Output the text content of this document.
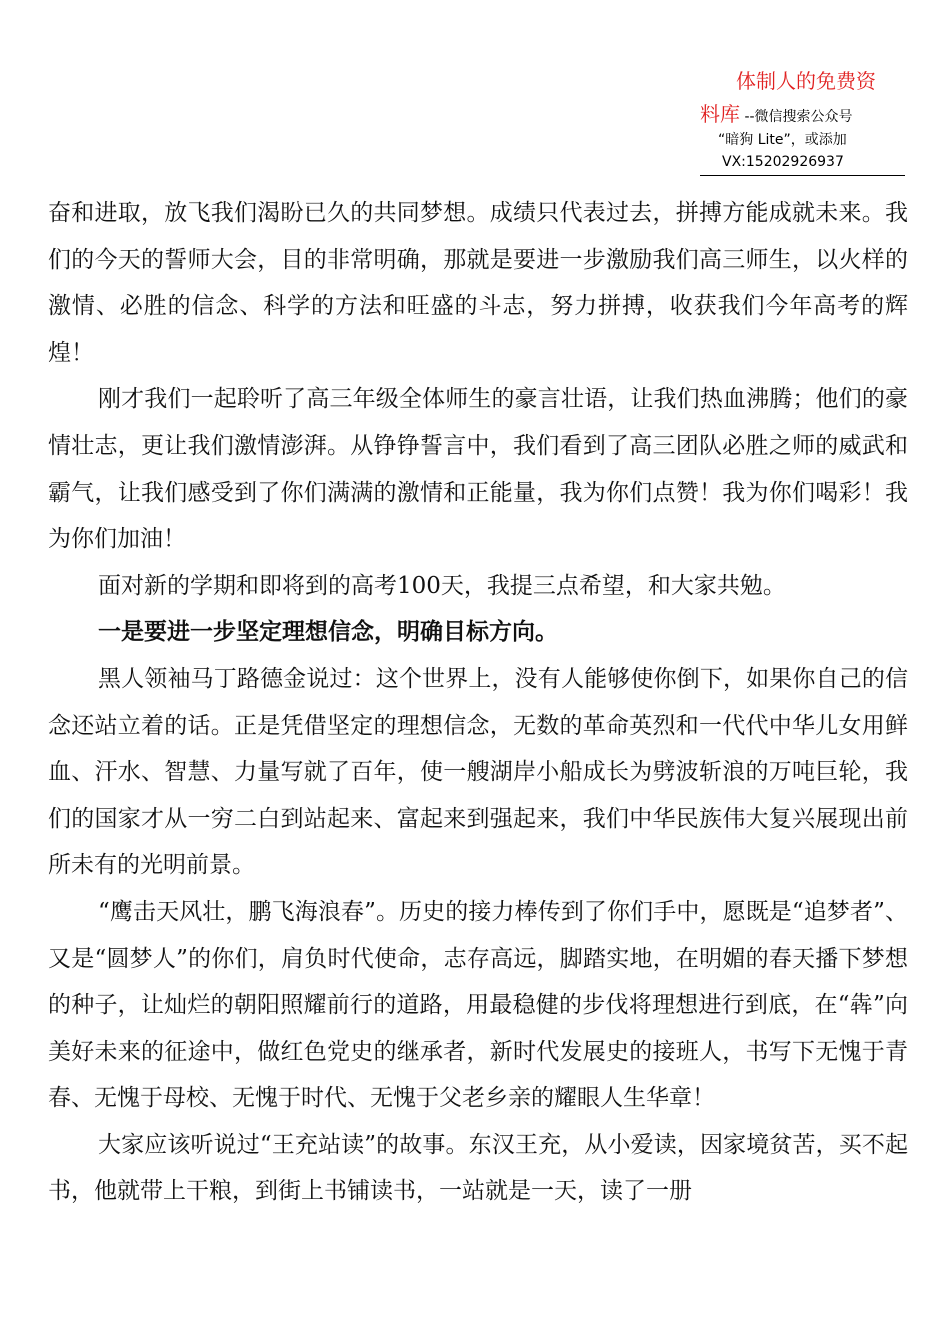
体制人的免费资
料库 --微信搜索公众号
“暗狗 Lite”，或添加
VX:15202926937

奋和进取，放飞我们渴盼已久的共同梦想。成绩只代表过去，拼搏方能成就未来。我们的今天的誓师大会，目的非常明确，那就是要进一步激励我们高三师生，以火样的激情、必胜的信念、科学的方法和旺盛的斗志，努力拼搏，收获我们今年高考的辉煌！

刚才我们一起聆听了高三年级全体师生的豪言壮语，让我们热血沸腾；他们的豪情壮志，更让我们激情澎湃。从铮铮誓言中，我们看到了高三团队必胜之师的威武和霸气，让我们感受到了你们满满的激情和正能量，我为你们点赞！我为你们喝彩！我为你们加油！

面对新的学期和即将到的高考100天，我提三点希望，和大家共勉。

一是要进一步坚定理想信念，明确目标方向。

黑人领袖马丁路德金说过：这个世界上，没有人能够使你倒下，如果你自己的信念还站立着的话。正是凭借坚定的理想信念，无数的革命英烈和一代代中华儿女用鲜血、汗水、智慧、力量写就了百年，使一艘湖岸小船成长为劈波斩浪的万吨巨轮，我们的国家才从一穷二白到站起来、富起来到强起来，我们中华民族伟大复兴展现出前所未有的光明前景。

“鹰击天风壮，鹏飞海浪春”。历史的接力棒传到了你们手中，愿既是“追梦者”、又是“圆梦人”的你们，肩负时代使命，志存高远，脚踏实地，在明媚的春天播下梦想的种子，让灿烂的朝阳照耀前行的道路，用最稳健的步伐将理想进行到底，在“犇”向美好未来的征途中，做红色党史的继承者，新时代发展史的接班人，书写下无愧于青春、无愧于母校、无愧于时代、无愧于父老乡亲的耀眼人生华章！

大家应该听说过“王充站读”的故事。东汉王充，从小爱读，因家境贫苦，买不起书，他就带上干粮，到街上书铺读书，一站就是一天，读了一册
